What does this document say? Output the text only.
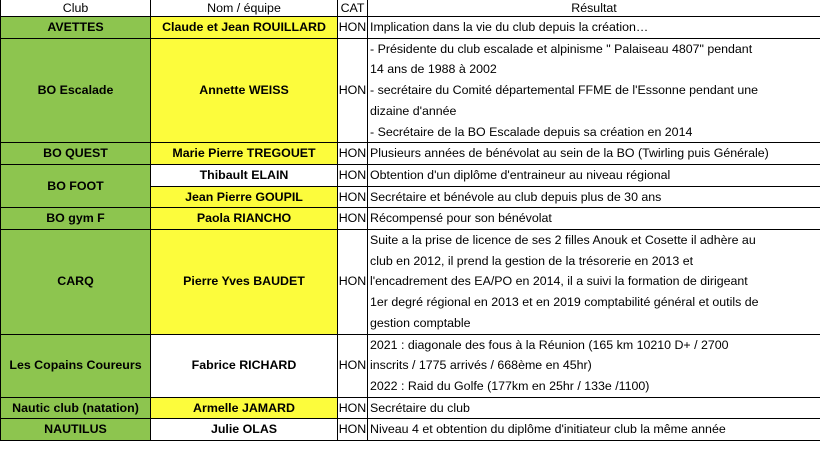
Club	Nom / équipe	CAT	Résultat
AVETTES	Claude et Jean ROUILLARD	HON	Implication dans la vie du club depuis la création…

BO Escalade	Annette WEISS	HON	- Présidente du club escalade et alpinisme " Palaiseau 4807" pendant
14 ans de 1988 à 2002
- secrétaire du Comité départemental FFME de l'Essonne pendant une
dizaine d'année
- Secrétaire de la BO Escalade depuis sa création en 2014

BO QUEST	Marie Pierre TREGOUET	HON	Plusieurs années de bénévolat au sein de la BO (Twirling puis Générale)

BO FOOT	Thibault ELAIN	HON	Obtention d'un diplôme d'entraineur au niveau régional

	Jean Pierre GOUPIL	HON	Secrétaire et bénévole au club depuis plus de 30 ans

BO gym F	Paola RIANCHO	HON	Récompensé pour son bénévolat

CARQ	Pierre Yves BAUDET	HON	Suite a la prise de licence de ses 2 filles Anouk et Cosette il adhère au
club en 2012, il prend la gestion de la trésorerie en 2013 et
l'encadrement des EA/PO en 2014, il a suivi la formation de dirigeant
1er degré régional en 2013 et en 2019 comptabilité général et outils de
gestion comptable

Les Copains Coureurs	Fabrice RICHARD	HON	2021 : diagonale des fous à la Réunion (165 km 10210 D+ / 2700
inscrits / 1775 arrivés / 668ème en 45hr)
2022 : Raid du Golfe (177km en 25hr / 133e /1100)

Nautic club (natation)	Armelle JAMARD	HON	Secrétaire du club

NAUTILUS	Julie OLAS	HON	Niveau 4 et obtention du diplôme d'initiateur club la même année
